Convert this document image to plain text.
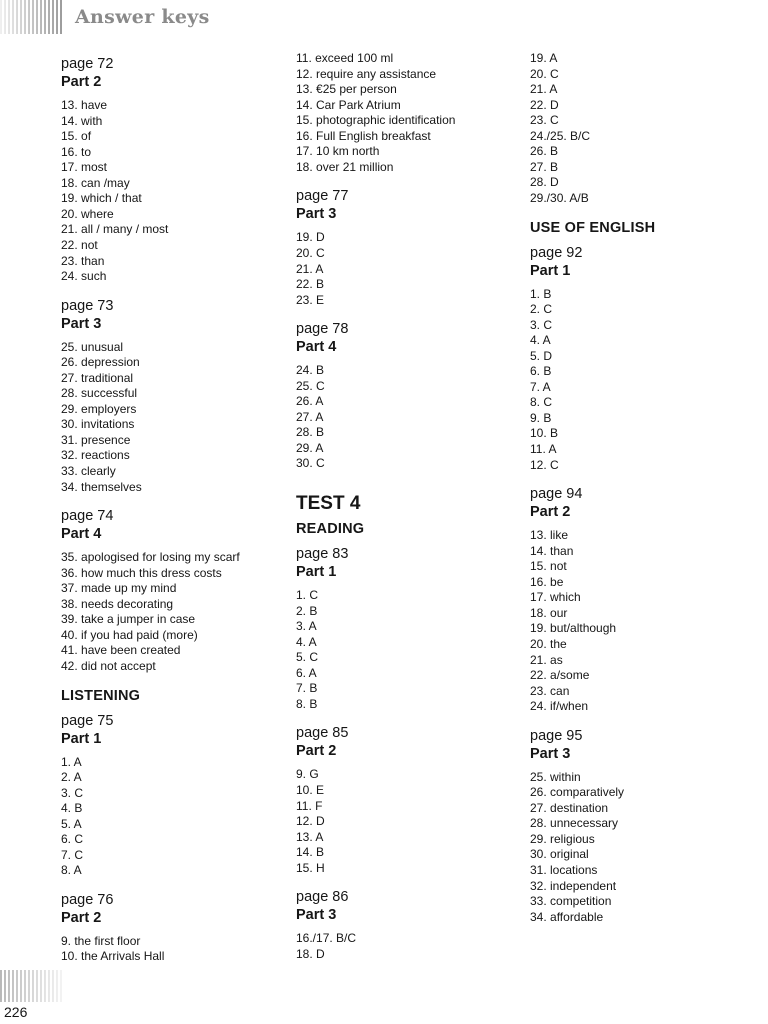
Answer keys
page 72
Part 2
13. have
14. with
15. of
16. to
17. most
18. can /may
19. which / that
20. where
21. all / many / most
22. not
23. than
24. such
page 73
Part 3
25. unusual
26. depression
27. traditional
28. successful
29. employers
30. invitations
31. presence
32. reactions
33. clearly
34. themselves
page 74
Part 4
35. apologised for losing my scarf
36. how much this dress costs
37. made up my mind
38. needs decorating
39. take a jumper in case
40. if you had paid (more)
41. have been created
42. did not accept
LISTENING
page 75
Part 1
1. A
2. A
3. C
4. B
5. A
6. C
7. C
8. A
page 76
Part 2
9. the first floor
10. the Arrivals Hall
11. exceed 100 ml
12. require any assistance
13. €25 per person
14. Car Park Atrium
15. photographic identification
16. Full English breakfast
17. 10 km north
18. over 21 million
page 77
Part 3
19. D
20. C
21. A
22. B
23. E
page 78
Part 4
24. B
25. C
26. A
27. A
28. B
29. A
30. C
TEST 4
READING
page 83
Part 1
1. C
2. B
3. A
4. A
5. C
6. A
7. B
8. B
page 85
Part 2
9. G
10. E
11. F
12. D
13. A
14. B
15. H
page 86
Part 3
16./17. B/C
18. D
19. A
20. C
21. A
22. D
23. C
24./25. B/C
26. B
27. B
28. D
29./30. A/B
USE OF ENGLISH
page 92
Part 1
1. B
2. C
3. C
4. A
5. D
6. B
7. A
8. C
9. B
10. B
11. A
12. C
page 94
Part 2
13. like
14. than
15. not
16. be
17. which
18. our
19. but/although
20. the
21. as
22. a/some
23. can
24. if/when
page 95
Part 3
25. within
26. comparatively
27. destination
28. unnecessary
29. religious
30. original
31. locations
32. independent
33. competition
34. affordable
226
